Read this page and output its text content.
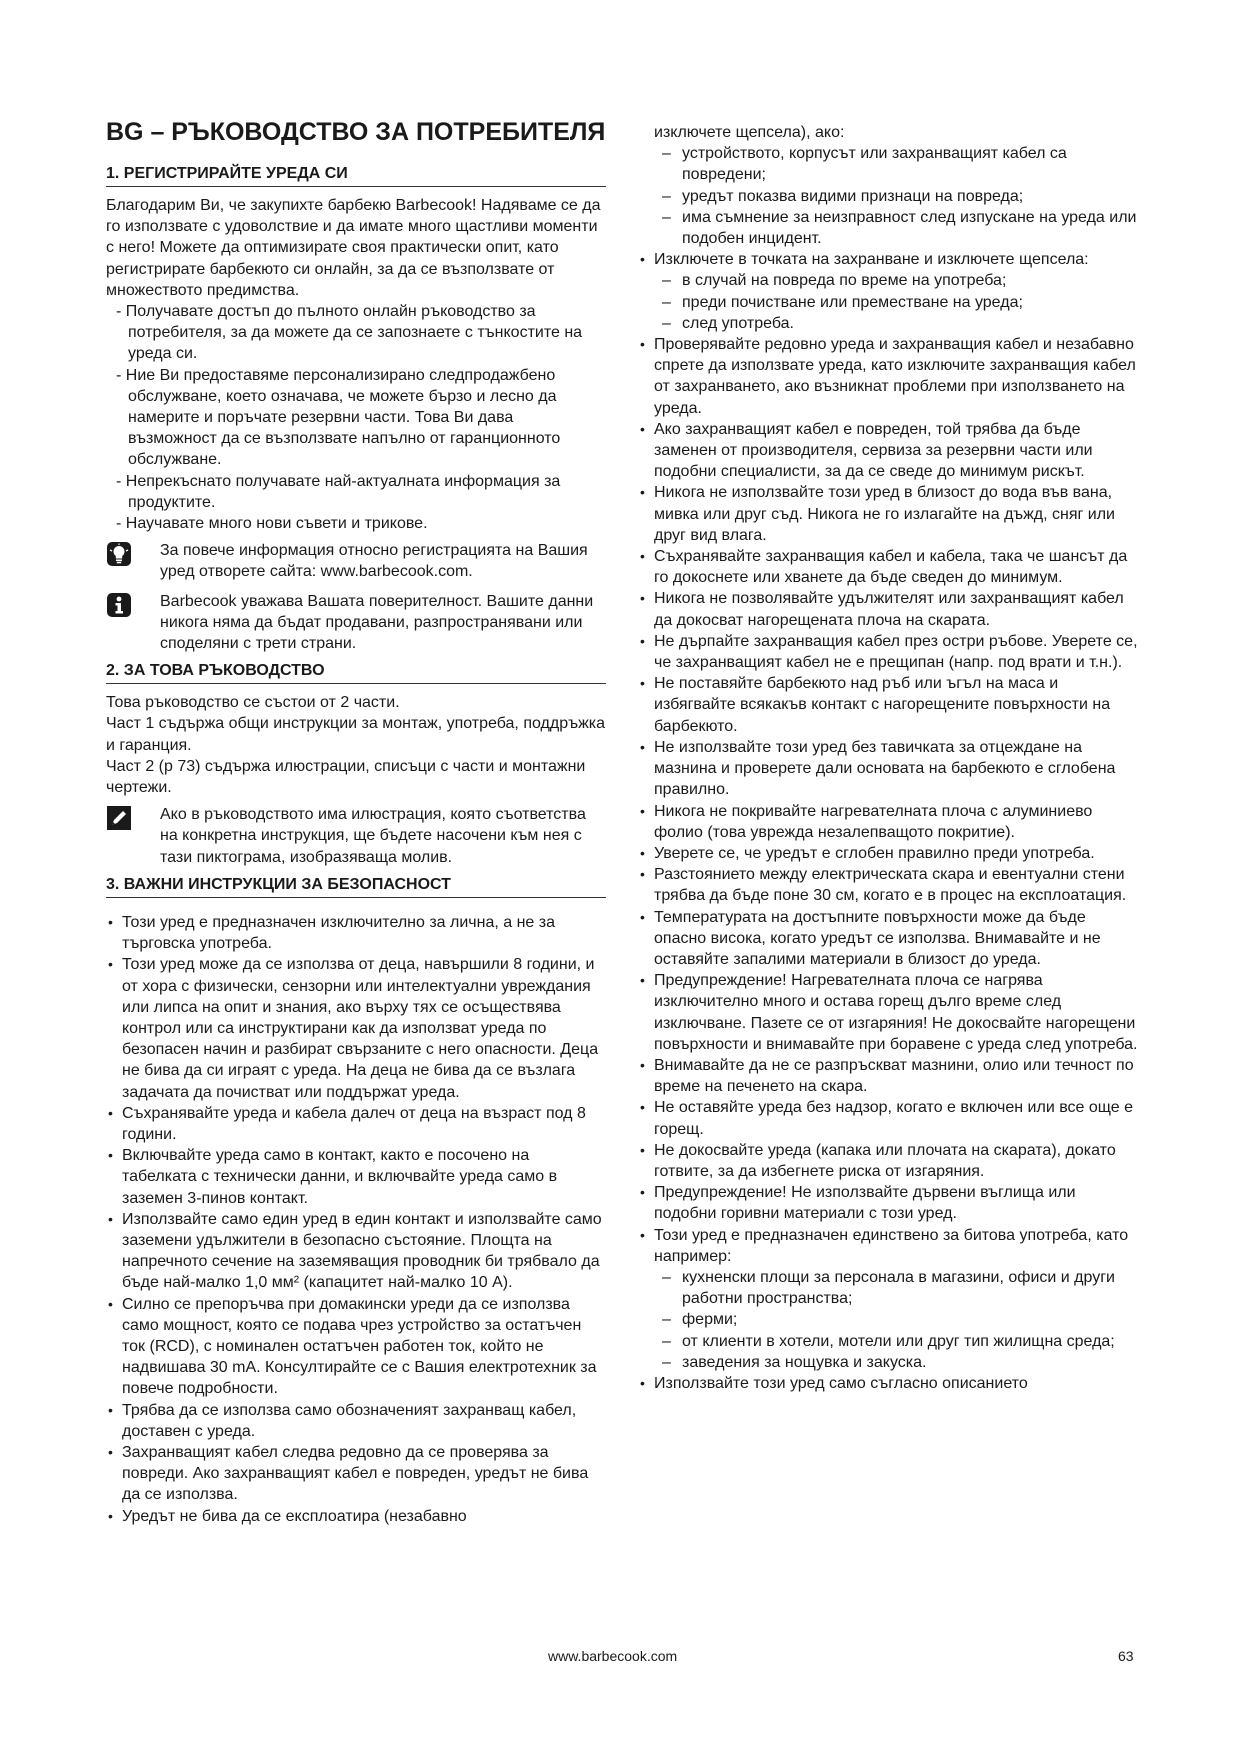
BG – РЪКОВОДСТВО ЗА ПОТРЕБИТЕЛЯ
1. РЕГИСТРИРАЙТЕ УРЕДА СИ

Благодарим Ви, че закупихте барбекю Barbecook! Надяваме се да го използвате с удоволствие и да имате много щастливи моменти с него! Можете да оптимизирате своя практически опит, като регистрирате барбекюто си онлайн, за да се възползвате от множеството предимства.

- Получавате достъп до пълното онлайн ръководство за потребителя, за да можете да се запознаете с тънкостите на уреда си.
- Ние Ви предоставяме персонализирано следпродажбено обслужване, което означава, че можете бързо и лесно да намерите и поръчате резервни части. Това Ви дава възможност да се възползвате напълно от гаранционното обслужване.
- Непрекъснато получавате най-актуалната информация за продуктите.
- Научавате много нови съвети и трикове.
За повече информация относно регистрацията на Вашия уред отворете сайта: www.barbecook.com.
Barbecook уважава Вашата поверителност. Вашите данни никога няма да бъдат продавани, разпространявани или споделяни с трети страни.
2. ЗА ТОВА РЪКОВОДСТВО

Това ръководство се състои от 2 части.

Част 1 съдържа общи инструкции за монтаж, употреба, поддръжка и гаранция.

Част 2 (p 73) съдържа илюстрации, списъци с части и монтажни чертежи.

Ако в ръководството има илюстрация, която съответства на конкретна инструкция, ще бъдете насочени към нея с тази пиктограма, изобразяваща молив.
3. ВАЖНИ ИНСТРУКЦИИ ЗА БЕЗОПАСНОСТ
• Този уред е предназначен изключително за лична, а не за търговска употреба.
• Този уред може да се използва от деца, навършили 8 години, и от хора с физически, сензорни или интелектуални увреждания или липса на опит и знания, ако върху тях се осъществява контрол или са инструктирани как да използват уреда по безопасен начин и разбират свързаните с него опасности. Деца не бива да си играят с уреда. На деца не бива да се възлага задачата да почистват или поддържат уреда.
• Съхранявайте уреда и кабела далеч от деца на възраст под 8 години.
• Включвайте уреда само в контакт, както е посочено на табелката с технически данни, и включвайте уреда само в заземен 3-пинов контакт.
• Използвайте само един уред в един контакт и използвайте само заземени удължители в безопасно състояние. Площта на напречното сечение на заземяващия проводник би трябвало да бъде най-малко 1,0 мм² (капацитет най-малко 10 A).
• Силно се препоръчва при домакински уреди да се използва само мощност, която се подава чрез устройство за остатъчен ток (RCD), с номинален остатъчен работен ток, който не надвишава 30 mA. Консултирайте се с Вашия електротехник за повече подробности.
• Трябва да се използва само обозначеният захранващ кабел, доставен с уреда.
• Захранващият кабел следва редовно да се проверява за повреди. Ако захранващият кабел е повреден, уредът не бива да се използва.
• Уредът не бива да се експлоатира (незабавно

изключете щепсела), ако:

– устройството, корпусът или захранващият кабел са повредени;
– уредът показва видими признаци на повреда;
– има съмнение за неизправност след изпускане на уреда или подобен инцидент.
• Изключете в точката на захранване и изключете щепсела:
– в случай на повреда по време на употреба;
– преди почистване или преместване на уреда;
– след употреба.
• Проверявайте редовно уреда и захранващия кабел и незабавно спрете да използвате уреда, като изключите захранващия кабел от захранването, ако възникнат проблеми при използването на уреда.
• Ако захранващият кабел е повреден, той трябва да бъде заменен от производителя, сервиза за резервни части или подобни специалисти, за да се сведе до минимум рискът.
• Никога не използвайте този уред в близост до вода във вана, мивка или друг съд. Никога не го излагайте на дъжд, сняг или друг вид влага.
• Съхранявайте захранващия кабел и кабела, така че шансът да го докоснете или хванете да бъде сведен до минимум.
• Никога не позволявайте удължителят или захранващият кабел да докосват нагорещената плоча на скарата.
• Не дърпайте захранващия кабел през остри ръбове. Уверете се, че захранващият кабел не е прещипан (напр. под врати и т.н.).
• Не поставяйте барбекюто над ръб или ъгъл на маса и избягвайте всякакъв контакт с нагорещените повърхности на барбекюто.
• Не използвайте този уред без тавичката за отцеждане на мазнина и проверете дали основата на барбекюто е сглобена правилно.
• Никога не покривайте нагревателната плоча с алуминиево фолио (това уврежда незалепващото покритие).
• Уверете се, че уредът е сглобен правилно преди употреба.
• Разстоянието между електрическата скара и евентуални стени трябва да бъде поне 30 см, когато е в процес на експлоатация.
• Температурата на достъпните повърхности може да бъде опасно висока, когато уредът се използва. Внимавайте и не оставяйте запалими материали в близост до уреда.
• Предупреждение! Нагревателната плоча се нагрява изключително много и остава горещ дълго време след изключване. Пазете се от изгаряния! Не докосвайте нагорещени повърхности и внимавайте при боравене с уреда след употреба.
• Внимавайте да не се разпръскват мазнини, олио или течност по време на печенето на скара.
• Не оставяйте уреда без надзор, когато е включен или все още е горещ.
• Не докосвайте уреда (капака или плочата на скарата), докато готвите, за да избегнете риска от изгаряния.
• Предупреждение! Не използвайте дървени въглища или подобни горивни материали с този уред.
• Този уред е предназначен единствено за битова употреба, като например:
– кухненски площи за персонала в магазини, офиси и други работни пространства;
– ферми;
– от клиенти в хотели, мотели или друг тип жилищна среда;
– заведения за нощувка и закуска.
• Използвайте този уред само съгласно описанието
www.barbecook.com	63
